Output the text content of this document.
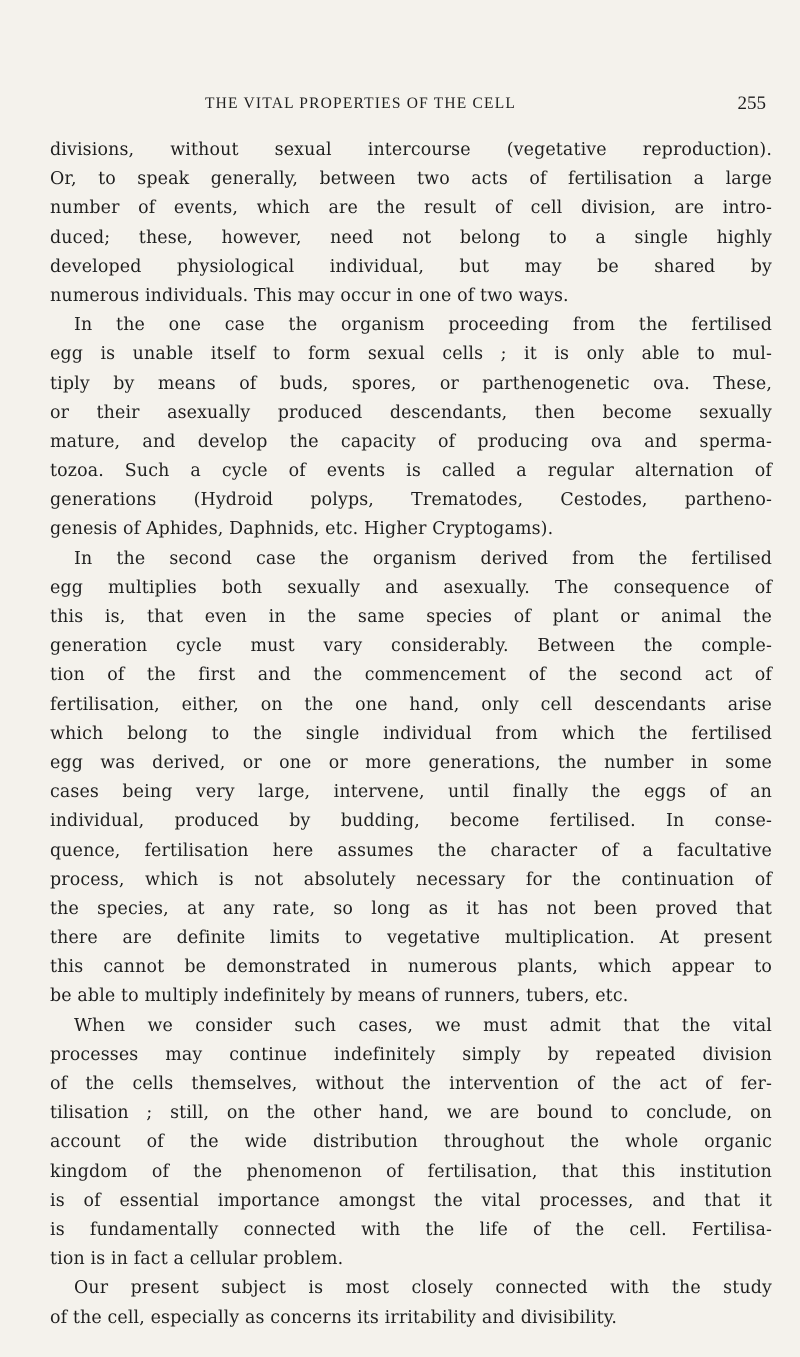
THE VITAL PROPERTIES OF THE CELL	255
divisions, without sexual intercourse (vegetative reproduction).
Or, to speak generally, between two acts of fertilisation a large
number of events, which are the result of cell division, are intro-
duced; these, however, need not belong to a single highly
developed physiological individual, but may be shared by
numerous individuals. This may occur in one of two ways.
In the one case the organism proceeding from the fertilised
egg is unable itself to form sexual cells ; it is only able to mul-
tiply by means of buds, spores, or parthenogenetic ova. These,
or their asexually produced descendants, then become sexually
mature, and develop the capacity of producing ova and sperma-
tozoa. Such a cycle of events is called a regular alternation of
generations (Hydroid polyps, Trematodes, Cestodes, partheno-
genesis of Aphides, Daphnids, etc. Higher Cryptogams).
In the second case the organism derived from the fertilised
egg multiplies both sexually and asexually. The consequence of
this is, that even in the same species of plant or animal the
generation cycle must vary considerably. Between the comple-
tion of the first and the commencement of the second act of
fertilisation, either, on the one hand, only cell descendants arise
which belong to the single individual from which the fertilised
egg was derived, or one or more generations, the number in some
cases being very large, intervene, until finally the eggs of an
individual, produced by budding, become fertilised. In conse-
quence, fertilisation here assumes the character of a facultative
process, which is not absolutely necessary for the continuation of
the species, at any rate, so long as it has not been proved that
there are definite limits to vegetative multiplication. At present
this cannot be demonstrated in numerous plants, which appear to
be able to multiply indefinitely by means of runners, tubers, etc.
When we consider such cases, we must admit that the vital
processes may continue indefinitely simply by repeated division
of the cells themselves, without the intervention of the act of fer-
tilisation ; still, on the other hand, we are bound to conclude, on
account of the wide distribution throughout the whole organic
kingdom of the phenomenon of fertilisation, that this institution
is of essential importance amongst the vital processes, and that it
is fundamentally connected with the life of the cell. Fertilisa-
tion is in fact a cellular problem.
Our present subject is most closely connected with the study
of the cell, especially as concerns its irritability and divisibility.
